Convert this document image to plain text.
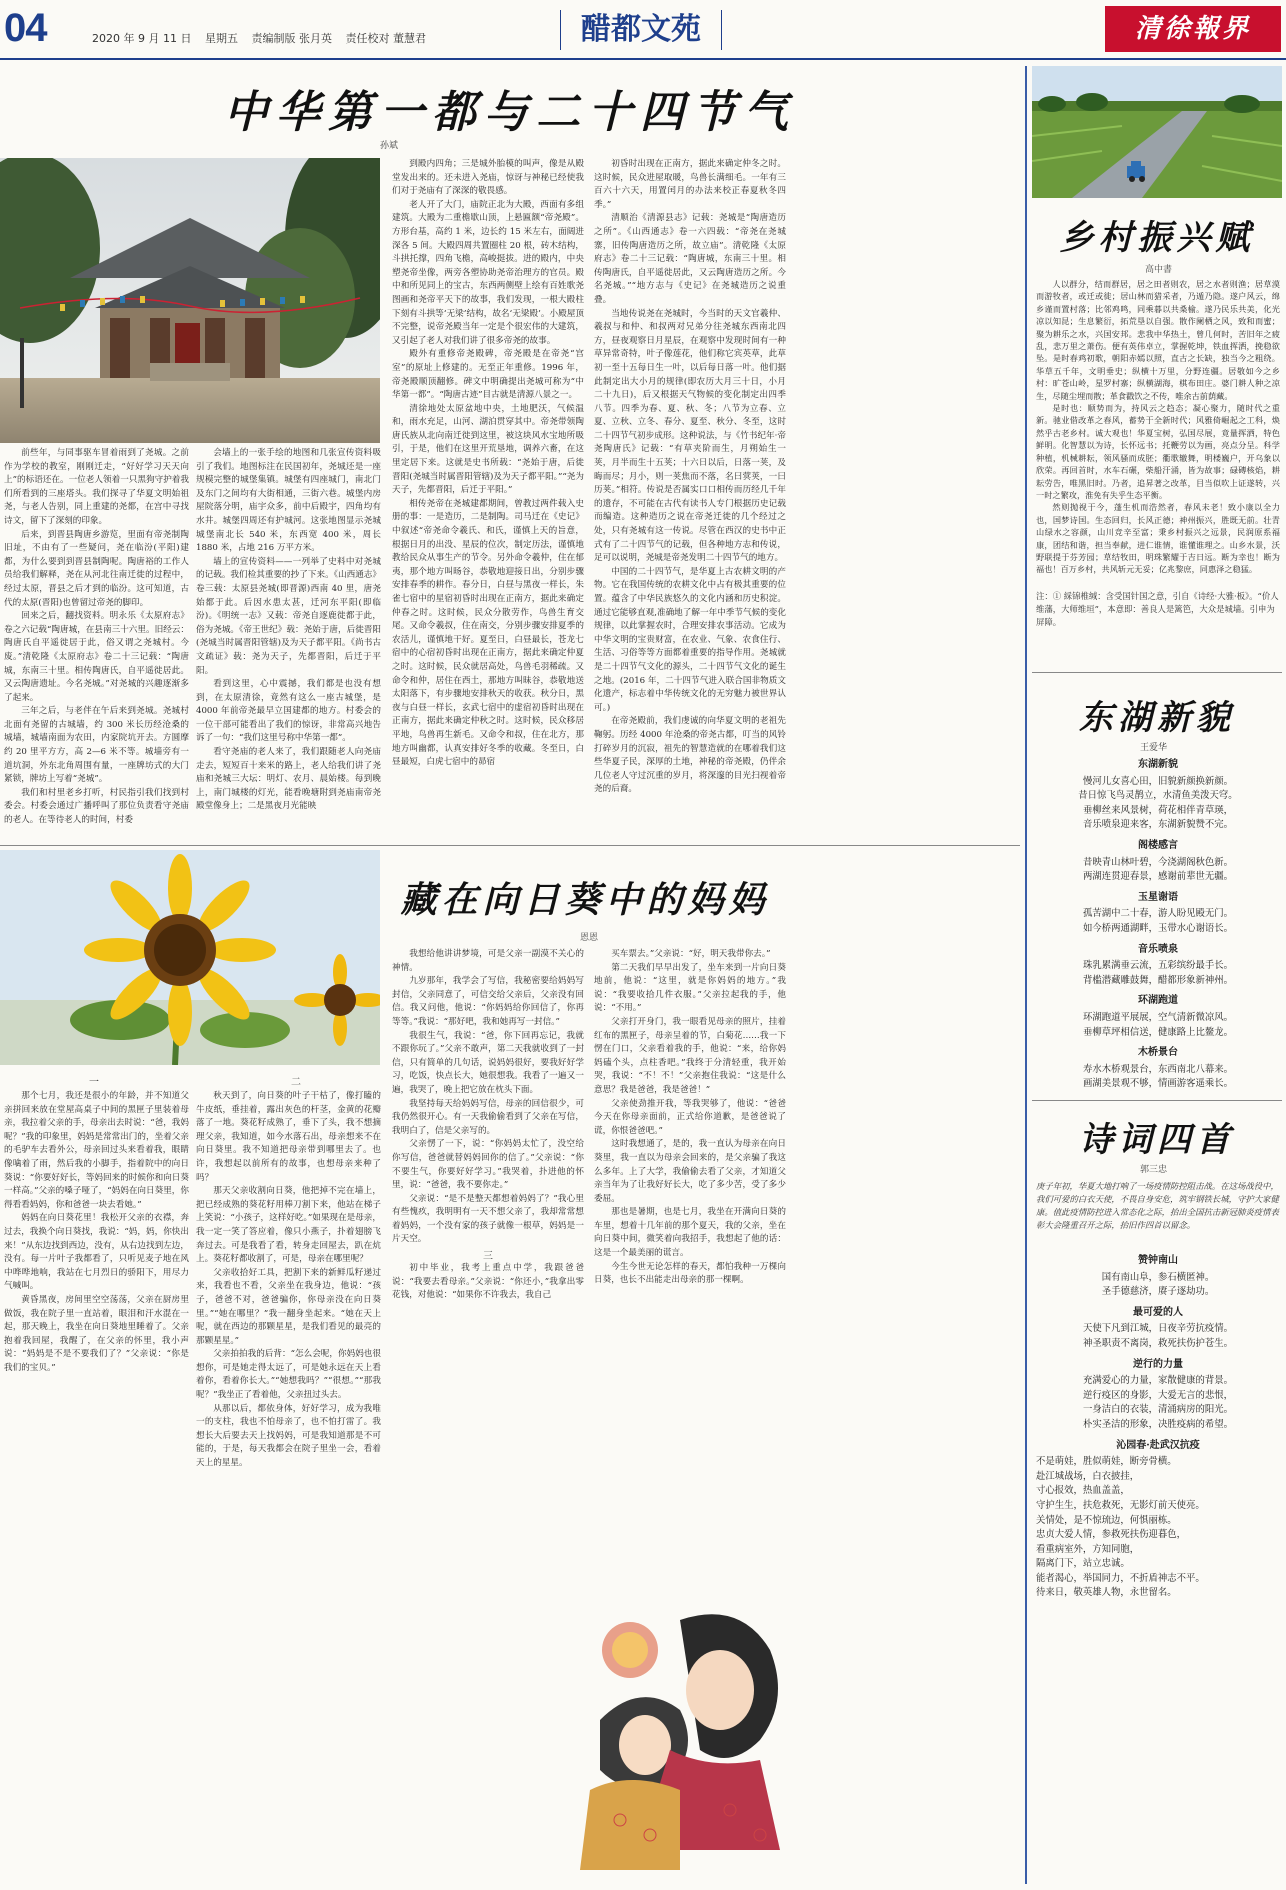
04	2020 年 9 月 11 日 星期五 责编制版 张月英 责任校对 董慧君	醋都文苑	清徐報界
中华第一都与二十四节气
孙斌

前些年，与同事驱车冒着雨到了尧城。之前作为学校的教室，刚刚迁走，“好好学习天天向上”的标语还在。一位老人领着一只黑狗守护着我们所看到的三座塔头。我们探寻了华夏文明始祖尧，与老人告别，同上重建的尧都，在宫中寻找诗文，留下了深刻的印象。

后来，到晋县陶唐乡游览，里面有帝尧制陶旧址，不由有了一些疑问，尧在临汾(平阳)建都，为什么要到到晋县制陶呢。陶唐裕的工作人员给我们解释，尧在从河北往南迁徙的过程中，经过太原，晋县之后才到的临汾。这可知道，古代的太原(晋阳)也曾留过帝尧的脚印。

回来之后，翻找资料。明永乐《太原府志》卷之六记载“陶唐城，在县南三十六里。旧经云：陶唐氏自平遥徙居于此，俗又谓之尧城村。今废。”清乾隆《太原府志》卷二十三记载：“陶唐城，东南三十里。相传陶唐氏，自平遥徙居此。又云陶唐遗址。今名尧城。”对尧城的兴趣逐渐多了起来。

三年之后，与老伴在午后来到尧城。尧城村北面有尧留的古城墙，约 300 米长历经沧桑的城墙，城墙南面为农田，内家院坑开去。方圆摩约 20 里平方方，高 2—6 米不等。城墙旁有一道坑洞，外东北角周围有量，一座牌坊式的大门紧锁，牌坊上写着“尧城”。

我们和村里老乡打听，村民指引我们找到村委会。村委会通过广播呼叫了那位负责看守尧庙的老人。在等待老人的时间，村委

会墙上的一张手绘的地图和几张宣传资料吸引了我们。地图标注在民国初年，尧城还是一座规模完整的城堡集镇。城堡有四座城门，南北门及东门之间均有大街相通，三街六巷。城堡内房屋院落分明，庙宇众多，前中后殿宇，四角均有水井。城堡四周还有护城河。这张地图显示尧城城堡南北长 540 米，东西宽 400 米，周长 1880 米，占地 216 万平方米。

墙上的宣传资料——一列举了史料中对尧城的记载。我们检其重要的抄了下来。《山西通志》卷三载：太原县尧城(即晋源)西南 40 里，唐尧始都于此。后因水患太甚，迁河东平阳(即临汾)。《明统一志》又载：帝尧自逐鹿徙都于此，俗为尧城。《帝王世纪》载：尧始于唐，后徙晋阳(尧城当时属晋阳管辖)及为天子都平阳。《尚书古文疏证》载：尧为天子，先都晋阳，后迁于平阳。

看到这里，心中震撼，我们都是也没有想到，在太原清徐，竟然有这么一座古城堡，是 4000 年前帝尧最早立国建都的地方。村委会的一位干部可能看出了我们的惊讶，非常高兴地告诉了一句：“我们这里号称中华第一都”。

看守尧庙的老人来了，我们跟随老人向尧庙走去，短短百十来米的路上，老人给我们讲了尧庙和尧城三大坛：明灯、农月、晨始楼。每到晚上，南门城楼的灯光，能看晚塘附到尧庙南帝尧殿堂像身上；二是黑夜月光能映

到殿内四角；三是城外胎模的叫声，像是从殿堂发出来的。还未进入尧庙，惊讶与神秘已经使我们对于尧庙有了深深的敬畏感。

老人开了大门，庙院正北为大殿，西面有多组建筑。大殿为二重檐歇山顶，上悬匾额“帝尧殿”。方形台基，高约 1 米，边长约 15 米左右，面阔进深各 5 间。大殿四周共置圈柱 20 根，砖木结构，斗拱托撑，四角飞檐，高峻挺拔。进的殿内，中央塑尧帝坐像，两旁各塑协助尧帝治理方的官员。殿中和所见同上的宝古，东西两侧壁上绘有百姓歌尧图画和尧帝平天下的故事，我们发现，一根大殿柱下刻有斗拱等‘无梁’结构，故名‘无梁殿’。小殿屋顶不完整，说帝尧殿当年一定是个很宏伟的大建筑，又引起了老人对我们讲了很多帝尧的故事。

殿外有重修帝尧殿碑，帝尧殿是在帝尧“宫室”的原址上修建的。无至正年重修。1996 年，帝尧殿顺顶翻修。碑文中明确提出尧城可称为“中华第一都”。“陶唐古迹”目古就是清源八景之一。

清徐地处太原盆地中央，土地肥沃，气候温和，雨水充足，山河、湖泊贯穿其中。帝尧带领陶唐氏族从北向南迁徙到这里，被这块风水宝地所吸引，于是，他们在这里开荒垦地，调养六畜，在这里定居下来。这就是史书所载：“尧始于唐，后徙晋阳(尧城当时属晋阳管辖)及为天子都平阳。”“尧为天子，先都晋阳，后迁于平阳。”

相传尧帝在尧城建都期间，曾教过两件载入史册的事：一是造历，二是制陶。司马迁在《史记》中叙述“帝尧命令羲氏、和氏，谨慎上天的旨意，根据日月的出没、星辰的位次，制定历法，谨慎地教给民众从事生产的节令。另外命令羲仲，住在郁夷，那个地方叫旸谷，恭敬地迎接日出，分别步骤安排春季的耕作。春分日，白昼与黑夜一样长，朱雀七宿中的星宿初昏时出现在正南方，据此来确定仲春之时。这时候，民众分散劳作，鸟兽生育交尾。又命令羲叔，住在南交，分别步骤安排夏季的农活儿，谨慎地干好。夏至日，白昼最长，苍龙七宿中的心宿初昏时出现在正南方，据此来确定仲夏之时。这时候，民众就居高处，鸟兽毛羽稀疏。又命令和仲，居住在西土，那地方叫昧谷，恭敬地送太阳落下，有步骤地安排秋天的收获。秋分日，黑夜与白昼一样长，玄武七宿中的虚宿初昏时出现在正南方，据此来确定仲秋之时。这时候，民众移居平地，鸟兽再生新毛。又命令和叔，住在北方，那地方叫幽都，认真安排好冬季的收藏。冬至日，白昼最短，白虎七宿中的昴宿

初昏时出现在正南方，据此来确定仲冬之时。这时候，民众进屋取暖，鸟兽长满细毛。一年有三百六十六天，用置闰月的办法来校正春夏秋冬四季。”

清顺治《清源县志》记载：尧城是“陶唐造历之所”。《山西通志》卷一六四载：“帝尧在尧城寨，旧传陶唐造历之所，故立庙”。清乾隆《太原府志》卷二十三记载：“陶唐城，东南三十里。相传陶唐氏，自平遥徙居此，又云陶唐造历之所。今名尧城。”“地方志与《史记》在尧城造历之说重叠。

当地传说尧在尧城时，今当时的天文官羲仲、羲叔与和仲、和叔两对兄弟分往尧城东西南北四方，昼夜观察日月星辰，在观察中发现时间有一种草异常奇特，叶子像莲花，他们称它宾英草，此草初一至十五每日生一叶，以后每日落一叶。他们据此制定出大小月的规律(即农历大月三十日，小月二十九日)，后又根据天气物候的变化制定出四季八节。四季为春、夏、秋、冬；八节为立春、立夏、立秋、立冬、春分、夏至、秋分、冬至，这时二十四节气初步成形。这种说法，与《竹书纪年·帝尧陶唐氏》记载：“有草夹阶而生，月朔始生一荚，月半而生十五荚；十六日以后，日落一荚，及晦而尽；月小，则一荚焦而不落，名曰蓂荚，一曰历荚。”相符。传说是否属实口口相传而历经几千年的遗存，不可能在古代有读书人专门根据历史记载而编造。这种造历之说在帝尧迁徙的几个经过之处，只有尧城有这一传说。尽管在西汉的史书中正式有了二十四节气的记载，但各种地方志和传说，足可以说明，尧城是帝尧发明二十四节气的地方。

中国的二十四节气，是华夏上古农耕文明的产物。它在我国传统的农耕文化中占有极其重要的位置。蕴含了中华民族悠久的文化内涵和历史积淀。通过它能够直观,准确地了解一年中季节气候的变化规律，以此掌握农时，合理安排农事活动。它成为中华文明的宝贵财富，在农业、气象、农食住行、生活、习俗等等方面都着重要的指导作用。尧城就是二十四节气文化的源头，二十四节气文化的诞生之地。(2016 年，二十四节气进入联合国非物质文化遗产，标志着中华传统文化的无穷魅力被世界认可。)

在帝尧殿前，我们虔诚的向华夏文明的老祖先鞠躬。历经 4000 年沧桑的帝尧古都，叮当的风铃打碎岁月的沉寂，祖先的智慧造就的在哪着我们这些华夏子民，深厚的土地，神秘的帝尧殿，仍伴余几位老人守过沉重的岁月，将深邃的目光扫视着帝尧的后裔。

藏在向日葵中的妈妈
恩恩
一	二

那个七月，我还是很小的年龄，并不知道父亲拼回来放在堂屋高桌子中间的黑匣子里装着母亲，我拉着父亲的手，母亲出去时说：“爸，我妈呢？”我的印象里，妈妈是常常出门的，坐着父亲的毛驴车去看外公，母亲回过头来看着我，眼睛像噙着了雨，然后我的小脚手，指着院中的向日葵说：“你要好好长，等妈回来的时候你和向日葵一样高。”父亲的嗓子哑了，“妈妈在向日葵里，你得看看妈妈，你和爸爸一块去看她。”

妈妈在向日葵花里！我松开父亲的衣襟，奔过去，我换个向日葵找，我说：“妈，妈，你快出来！”从东边找到西边，没有，从右边找到左边，没有。每一片叶子我都看了，只听见麦子地在风中哗哗地响，我站在七月烈日的骄阳下，用尽力气喊叫。

黄昏黑夜，房间里空空荡荡，父亲在厨房里做饭，我在院子里一直站着，眼泪和汗水混在一起，那天晚上，我坐在向日葵地里睡着了。父亲抱着我回屋，我醒了，在父亲的怀里，我小声说：“妈妈是不是不要我们了？”父亲说：“你是我们的宝贝。”

秋天到了，向日葵的叶子干枯了，像打瞌的牛皮纸，垂挂着，露出灰色的杆茎，金黄的花瓣落了一地。葵花籽成熟了，垂下了头，我不想摘理父亲，我知道，如今水落石出，母亲想来不在向日葵里。我不知道把母亲带到哪里去了。也许，我想起以前所有的故事，也想母亲来种了吗？

那天父亲收割向日葵，他把掉不完在墙上，把已经成熟的葵花籽用棒刀割下来，他站在梯子上笑说：“小孩子，这样好吃。”如果现在是母亲，我一定一笑了答应着，像只小燕子，扑着翅膀飞奔过去。可是我看了看，转身走回屋去，趴在炕上。葵花籽都收割了，可是，母亲在哪里呢？

父亲收拾好工具，把割下来的新鲜瓜籽递过来，我看也不看，父亲坐在我身边，他说：“孩子，爸爸不对，爸爸骗你，你母亲没在向日葵里。”“她在哪里？”我一翻身坐起来。“她在天上呢，就在西边的那颗星星，是我们看见的最亮的那颗星星。”

父亲拍拍我的后背：“怎么会呢，你妈妈也很想你，可是她走得太远了，可是她永远在天上看着你，看着你长大。”“她想我吗？”“很想。”“那我呢？”我坐正了看着他，父亲扭过头去。

从那以后，都依身体，好好学习，成为我唯一的支柱，我也不怕母亲了，也不怕打雷了。我想长大后要去天上找妈妈，可是我知道那是不可能的，于是，每天我都会在院子里坐一会，看着天上的星星。

我想给他讲讲梦境，可是父亲一副漠不关心的神情。

九岁那年，我学会了写信，我秘密要给妈妈写封信，父亲同意了，可信交给父亲后，父亲没有回信。我又问他，他说：“你妈妈给你回信了，你再等等。”我说：“那好吧，我和她再写一封信。”

我很生气，我说：“爸，你下回再忘记，我就不跟你玩了。”父亲不敢声，第二天我就收到了一封信，只有简单的几句话，说妈妈很好，要我好好学习，吃饭，快点长大，她很想我。我看了一遍又一遍，我哭了，晚上把它放在枕头下面。

我坚持每天给妈妈写信，母亲的回信很少，可我仍然很开心。有一天我偷偷看到了父亲在写信，我明白了，信是父亲写的。

父亲愣了一下，说：“你妈妈太忙了，没空给你写信，爸爸就替妈妈回你的信了。”父亲说：“你不要生气，你要好好学习。”我哭着，扑进他的怀里，说：“爸爸，我不要你走。”

父亲说：“是不是整天都想着妈妈了？”我心里有些愧疚，我明明有一天不想父亲了，我却常常想着妈妈，一个没有家的孩子就像一根草，妈妈是一片天空。

三

初中毕业，我考上重点中学，我跟爸爸说：“我要去看母亲。”父亲说：“你还小，”我拿出零花钱，对他说：“如果你不许我去，我自己

买车票去。”父亲说：“好，明天我带你去。”

第二天我们早早出发了，坐车来到一片向日葵地前，他说：“这里，就是你妈妈的地方。”我说：“我要收拾几件衣服。”父亲拉起我的手，他说：“不用。”

父亲打开身门，我一眼看见母亲的照片，挂着红布的黑匣子，母亲呈着的节，白菊花……我一下愣在门口，父亲看着我的手，他说：“来，给你妈妈磕个头，点柱香吧。”我终于分清轻重，我开始哭，我说：“不！不！”父亲抱住我说：“这是什么意思？我是爸爸，我是爸爸！”

父亲使劲推开我，等我哭够了，他说：“爸爸今天在你母亲面前，正式给你道歉，是爸爸说了谎，你恨爸爸吧。”

这时我想通了，是的，我一直认为母亲在向日葵里，我一直以为母亲会回来的，是父亲骗了我这么多年。上了大学，我偷偷去看了父亲，才知道父亲当年为了让我好好长大，吃了多少苦，受了多少委屈。

那也是暑期，也是七月，我坐在开满向日葵的车里，想着十几年前的那个夏天，我的父亲，坐在向日葵中间，微笑着向我招手，我想起了他的话：这是一个最美丽的谎言。

今生今世无论怎样的春天，都怕我种一万棵向日葵，也长不出能走出母亲的那一棵啊。

乡村振兴赋
高中書

人以群分，结而群居，居之田者则农，居之水者则渔；居草漠而游牧者，或迁或徙；居山林而猎采者，乃遁乃隐。遂户风云，绵乡谨而置村落；比邻鸡鸣，同乘暮以共桑榆。遂乃民乐共美，化光凉以知昆；生息繁衍，拓荒垦以自强。散作阑栖之风，致和而蜜；聚为耕乐之水，兴国安邦。悲我中华热土，曾几何时，苦旧年之疲乱，悲万里之萧伤。便有英伟卓立，掌握乾坤，铁血挥洒，挽稳欲坠。是时春鸡初歌，朝阳赤嫣以照，直古之长缺，独当今之粗绕。华草五千年，文明垂史；纵横十万里，分野连疆。居敬如今之乡村：旷苍山岭，星罗村寨；纵横湖海，棋布田庄。婆门耕人种之凉生，尽随尘埋而散；革食戳饮之不传，唯余古前荫藏。

是时也：顺势而为，持风云之趋态；凝心聚力，随时代之重新。驰业借改革之春风，蓄势于全新时代；风雅倚崛起之工科，焕然乎古老乡村。诚大观也！华夏宝树，弘国尽展，竟量挥洒，特色鲜明。化智慧以为诗，长怀远书；托鞭劳以为画，亮点分呈。科学种植，机械耕耘，领风骚而成胚；衢歌辙舞，明楼巍户，开乌象以欣荣。再回首时，水车石碾，柴船汗涌，皆为故事；碌磚核焰，耕耘劳告，唯黑旧时。乃者，追昇著之改革，目当似吹上证遂转，兴一时之繁攻，淮免有失乎生态平衡。

然则抛视于今，蓬生机而浩然者，春风未老！致小康以全力也，国梦诗国。生态回归，长风正德；神州振兴，胜既无前。壮青山绿水之容颜，山川竞辛至富；秉乡村振兴之远景，民润原系福康，团结和谐，担当奉献，进仁谁情，谁懂谁理之。山乡水景，沃野联提于芬芳园；草结牧田，明珠繁耀于吉日远。断为幸也！断为福也！百万乡村，共风斩元无妥；亿兆黎庶，同惠泽之稳猛。

注：① 綵锦椎缄：含受国针国之意，引自《诗经·大雅·板》。“价人维藩，大师维垣”，本意即：善良人是篱笆，大众是城墙。引申为屏障。
东湖新貌
王爱华
东湖新貌
慢河儿女喜心田，旧貌新颜换新颜。
昔日惊飞鸟灵鹊立，水清鱼美泼天穹。
垂柳丝来风景树，荷花相伴青草瑛，
音乐喷泉迎来客，东湖新貌赞不完。
阁楼感言
昔映青山林叶碧，今浇湖阁秋色新。
两湖连贯迎春景，感谢前辈世无疆。
玉星谢语
孤苦湖中二十春，游人盼见殿无门。
如今桥两通湖畔，玉带水心谢语长。
音乐喷泉
珠乳累满垂云流，五彩缤纷最手长。
背槛潜藏雕鼓舞，醋都形象新神州。
环湖跑道
环湖跑道平展展，空气清新微凉风。
垂柳草坪相信送，健康路上比鳌龙。
木桥景台
寿水木桥观景台，东西南北八幕来。
画湖美景观不够，情画游客遥乘长。
诗词四首
郭三忠
庚子年初，华夏大地打响了一场疫情防控阻击战。在这场战役中，我们可爱的白衣天使，不畏自身安危，筑牢钢铁长城，守护大家健康。值此疫情防控进入常态化之际，抬出全国抗击新冠肺炎疫情表彰大会隆重召开之际，抬旧作四首以留念。
赞钟南山
国有南山阜，参石横匿神。
圣手德慈济，赓子逐劫功。
最可爱的人
天使下凡到江城，日夜辛劳抗疫情。
神圣职责不离岗，救死扶伤护苍生。
逆行的力量
充满爱心的力量，家散健康的背景。
逆行疫区的身影，大爱无言的悲恨，
一身洁白的衣装，清涌病房的阳光。
朴实圣洁的形象，决胜疫病的希望。
沁园春·赴武汉抗疫
不是萌娃，胜似萌娃，断旁骨横。
赴江城战场，白衣披挂，
寸心报效，热血盖盖，
守护生生，扶危救死，无影灯前天使亮。
关情处，是不惊琉边，何惧丽栋。
忠贞大爱人情，参救死扶伤迎暮色，
看重病室外，方知同胞，
隔离门下，站立忠诚。
能者渴心，举国同力，不折盾神志不平。
待来日，敬英雄人物，永世留名。
